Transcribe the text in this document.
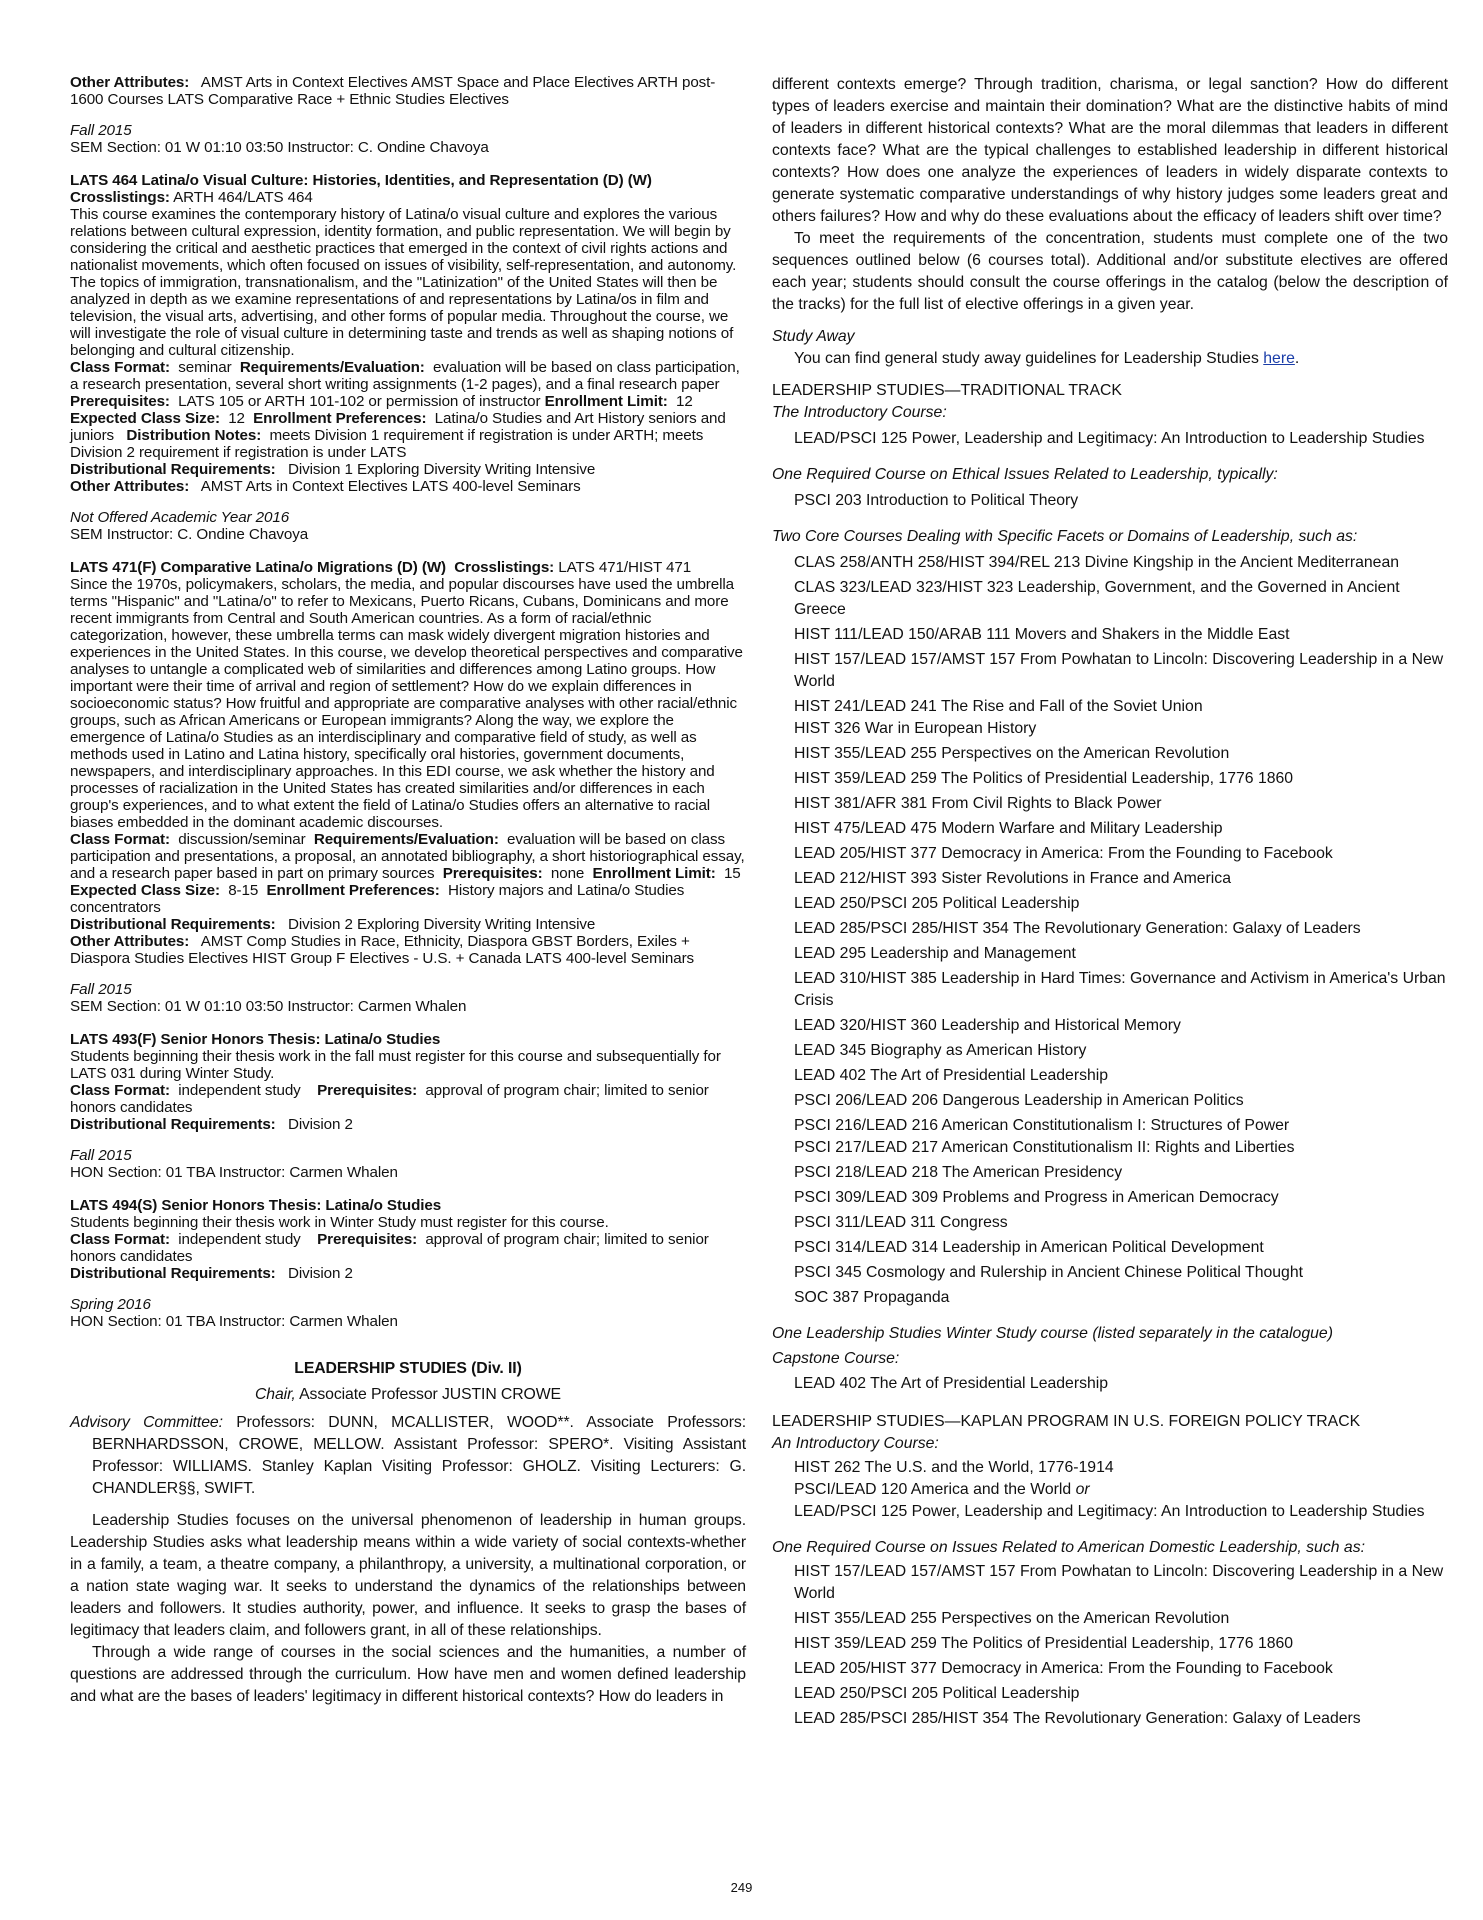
Other Attributes: AMST Arts in Context Electives AMST Space and Place Electives ARTH post-1600 Courses LATS Comparative Race + Ethnic Studies Electives

Fall 2015

SEM Section: 01 W 01:10 03:50 Instructor: C. Ondine Chavoya

LATS 464 Latina/o Visual Culture: Histories, Identities, and Representation (D) (W)

Crosslistings: ARTH 464/LATS 464

This course examines the contemporary history of Latina/o visual culture and explores the various relations between cultural expression, identity formation, and public representation. We will begin by considering the critical and aesthetic practices that emerged in the context of civil rights actions and nationalist movements, which often focused on issues of visibility, self-representation, and autonomy. The topics of immigration, transnationalism, and the "Latinization" of the United States will then be analyzed in depth as we examine representations of and representations by Latina/os in film and television, the visual arts, advertising, and other forms of popular media. Throughout the course, we will investigate the role of visual culture in determining taste and trends as well as shaping notions of belonging and cultural citizenship.

Class Format: seminar Requirements/Evaluation: evaluation will be based on class participation, a research presentation, several short writing assignments (1-2 pages), and a final research paper  Prerequisites: LATS 105 or ARTH 101-102 or permission of instructor Enrollment Limit: 12  Expected Class Size: 12 Enrollment Preferences: Latina/o Studies and Art History seniors and juniors Distribution Notes: meets Division 1 requirement if registration is under ARTH; meets Division 2 requirement if registration is under LATS

Distributional Requirements: Division 1 Exploring Diversity Writing Intensive

Other Attributes: AMST Arts in Context Electives LATS 400-level Seminars

Not Offered Academic Year 2016

SEM Instructor: C. Ondine Chavoya

LATS 471(F) Comparative Latina/o Migrations (D) (W) Crosslistings: LATS 471/HIST 471

Since the 1970s, policymakers, scholars, the media, and popular discourses have used the umbrella terms "Hispanic" and "Latina/o" to refer to Mexicans, Puerto Ricans, Cubans, Dominicans and more recent immigrants from Central and South American countries. As a form of racial/ethnic categorization, however, these umbrella terms can mask widely divergent migration histories and experiences in the United States. In this course, we develop theoretical perspectives and comparative analyses to untangle a complicated web of similarities and differences among Latino groups. How important were their time of arrival and region of settlement? How do we explain differences in socioeconomic status? How fruitful and appropriate are comparative analyses with other racial/ethnic groups, such as African Americans or European immigrants? Along the way, we explore the emergence of Latina/o Studies as an interdisciplinary and comparative field of study, as well as methods used in Latino and Latina history, specifically oral histories, government documents, newspapers, and interdisciplinary approaches. In this EDI course, we ask whether the history and processes of racialization in the United States has created similarities and/or differences in each group's experiences, and to what extent the field of Latina/o Studies offers an alternative to racial biases embedded in the dominant academic discourses.

Class Format: discussion/seminar Requirements/Evaluation: evaluation will be based on class participation and presentations, a proposal, an annotated bibliography, a short historiographical essay, and a research paper based in part on primary sources Prerequisites: none Enrollment Limit: 15  Expected Class Size: 8-15 Enrollment Preferences: History majors and Latina/o Studies concentrators

Distributional Requirements: Division 2 Exploring Diversity Writing Intensive

Other Attributes: AMST Comp Studies in Race, Ethnicity, Diaspora GBST Borders, Exiles + Diaspora Studies Electives HIST Group F Electives - U.S. + Canada LATS 400-level Seminars

Fall 2015

SEM Section: 01 W 01:10 03:50 Instructor: Carmen Whalen

LATS 493(F) Senior Honors Thesis: Latina/o Studies

Students beginning their thesis work in the fall must register for this course and subsequentially for LATS 031 during Winter Study.

Class Format: independent study Prerequisites: approval of program chair; limited to senior honors candidates

Distributional Requirements: Division 2

Fall 2015

HON Section: 01 TBA Instructor: Carmen Whalen

LATS 494(S) Senior Honors Thesis: Latina/o Studies

Students beginning their thesis work in Winter Study must register for this course.

Class Format: independent study Prerequisites: approval of program chair; limited to senior honors candidates

Distributional Requirements: Division 2

Spring 2016

HON Section: 01 TBA Instructor: Carmen Whalen

LEADERSHIP STUDIES (Div. II)

Chair, Associate Professor JUSTIN CROWE

Advisory Committee: Professors: DUNN, MCALLISTER, WOOD**. Associate Professors: BERNHARDSSON, CROWE, MELLOW. Assistant Professor: SPERO*. Visiting Assistant Professor: WILLIAMS. Stanley Kaplan Visiting Professor: GHOLZ. Visiting Lecturers: G. CHANDLER§§, SWIFT.

Leadership Studies focuses on the universal phenomenon of leadership in human groups. Leadership Studies asks what leadership means within a wide variety of social contexts-whether in a family, a team, a theatre company, a philanthropy, a university, a multinational corporation, or a nation state waging war. It seeks to understand the dynamics of the relationships between leaders and followers. It studies authority, power, and influence. It seeks to grasp the bases of legitimacy that leaders claim, and followers grant, in all of these relationships.

Through a wide range of courses in the social sciences and the humanities, a number of questions are addressed through the curriculum. How have men and women defined leadership and what are the bases of leaders' legitimacy in different historical contexts? How do leaders in

different contexts emerge? Through tradition, charisma, or legal sanction? How do different types of leaders exercise and maintain their domination? What are the distinctive habits of mind of leaders in different historical contexts? What are the moral dilemmas that leaders in different contexts face? What are the typical challenges to established leadership in different historical contexts? How does one analyze the experiences of leaders in widely disparate contexts to generate systematic comparative understandings of why history judges some leaders great and others failures? How and why do these evaluations about the efficacy of leaders shift over time?

To meet the requirements of the concentration, students must complete one of the two sequences outlined below (6 courses total). Additional and/or substitute electives are offered each year; students should consult the course offerings in the catalog (below the description of the tracks) for the full list of elective offerings in a given year.

Study Away

You can find general study away guidelines for Leadership Studies here.

LEADERSHIP STUDIES—TRADITIONAL TRACK

The Introductory Course:

LEAD/PSCI 125 Power, Leadership and Legitimacy: An Introduction to Leadership Studies

One Required Course on Ethical Issues Related to Leadership, typically:

PSCI 203 Introduction to Political Theory

Two Core Courses Dealing with Specific Facets or Domains of Leadership, such as:

CLAS 258/ANTH 258/HIST 394/REL 213 Divine Kingship in the Ancient Mediterranean

CLAS 323/LEAD 323/HIST 323 Leadership, Government, and the Governed in Ancient Greece

HIST 111/LEAD 150/ARAB 111 Movers and Shakers in the Middle East

HIST 157/LEAD 157/AMST 157 From Powhatan to Lincoln: Discovering Leadership in a New World

HIST 241/LEAD 241 The Rise and Fall of the Soviet Union

HIST 326 War in European History

HIST 355/LEAD 255 Perspectives on the American Revolution

HIST 359/LEAD 259 The Politics of Presidential Leadership, 1776 1860

HIST 381/AFR 381 From Civil Rights to Black Power

HIST 475/LEAD 475 Modern Warfare and Military Leadership

LEAD 205/HIST 377 Democracy in America: From the Founding to Facebook

LEAD 212/HIST 393 Sister Revolutions in France and America

LEAD 250/PSCI 205 Political Leadership

LEAD 285/PSCI 285/HIST 354 The Revolutionary Generation: Galaxy of Leaders

LEAD 295 Leadership and Management

LEAD 310/HIST 385 Leadership in Hard Times: Governance and Activism in America's Urban Crisis

LEAD 320/HIST 360 Leadership and Historical Memory

LEAD 345 Biography as American History

LEAD 402 The Art of Presidential Leadership

PSCI 206/LEAD 206 Dangerous Leadership in American Politics

PSCI 216/LEAD 216 American Constitutionalism I: Structures of Power

PSCI 217/LEAD 217 American Constitutionalism II: Rights and Liberties

PSCI 218/LEAD 218 The American Presidency

PSCI 309/LEAD 309 Problems and Progress in American Democracy

PSCI 311/LEAD 311 Congress

PSCI 314/LEAD 314 Leadership in American Political Development

PSCI 345 Cosmology and Rulership in Ancient Chinese Political Thought

SOC 387 Propaganda

One Leadership Studies Winter Study course (listed separately in the catalogue)

Capstone Course:

LEAD 402 The Art of Presidential Leadership

LEADERSHIP STUDIES—KAPLAN PROGRAM IN U.S. FOREIGN POLICY TRACK

An Introductory Course:

HIST 262 The U.S. and the World, 1776-1914

PSCI/LEAD 120 America and the World or

LEAD/PSCI 125 Power, Leadership and Legitimacy: An Introduction to Leadership Studies

One Required Course on Issues Related to American Domestic Leadership, such as:

HIST 157/LEAD 157/AMST 157 From Powhatan to Lincoln: Discovering Leadership in a New World

HIST 355/LEAD 255 Perspectives on the American Revolution

HIST 359/LEAD 259 The Politics of Presidential Leadership, 1776 1860

LEAD 205/HIST 377 Democracy in America: From the Founding to Facebook

LEAD 250/PSCI 205 Political Leadership

LEAD 285/PSCI 285/HIST 354 The Revolutionary Generation: Galaxy of Leaders

249
